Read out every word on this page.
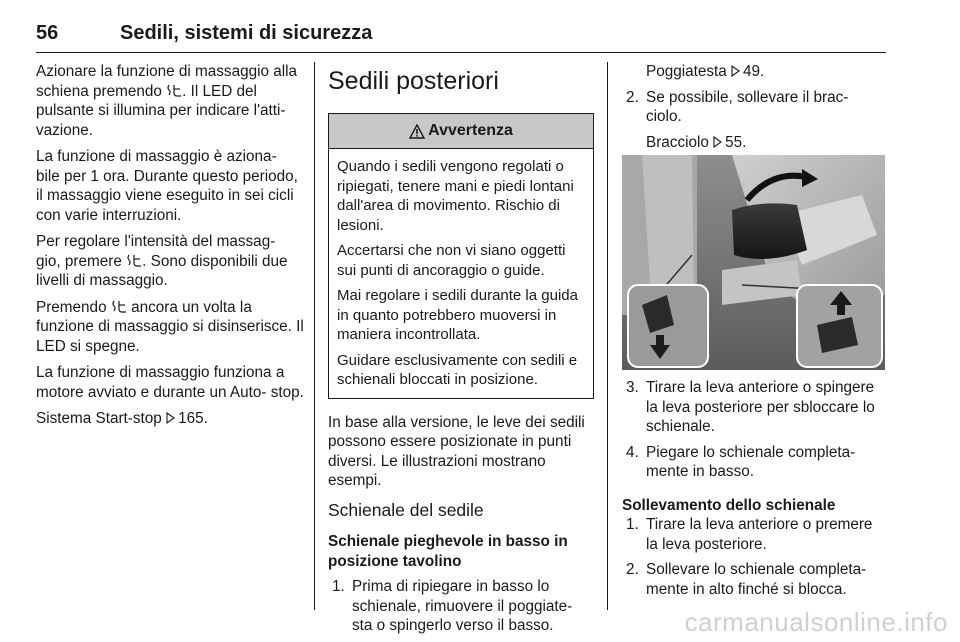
56	Sedili, sistemi di sicurezza

Azionare la funzione di massaggio alla schiena premendo . Il LED del pulsante si illumina per indicare l'atti- vazione.

La funzione di massaggio è aziona- bile per 1 ora. Durante questo periodo, il massaggio viene eseguito in sei cicli con varie interruzioni.

Per regolare l'intensità del massag- gio, premere . Sono disponibili due livelli di massaggio.

Premendo  ancora un volta la funzione di massaggio si disinserisce. Il LED si spegne.

La funzione di massaggio funziona a motore avviato e durante un Auto- stop.

Sistema Start-stop 165.

Sedili posteriori
Avvertenza

Quando i sedili vengono regolati o ripiegati, tenere mani e piedi lontani dall'area di movimento. Rischio di lesioni.

Accertarsi che non vi siano oggetti sui punti di ancoraggio o guide.

Mai regolare i sedili durante la guida in quanto potrebbero muoversi in maniera incontrollata.

Guidare esclusivamente con sedili e schienali bloccati in posizione.

In base alla versione, le leve dei sedili possono essere posizionate in punti diversi. Le illustrazioni mostrano esempi.

Schienale del sedile
Schienale pieghevole in basso in posizione tavolino
1. Prima di ripiegare in basso lo schienale, rimuovere il poggiate- sta o spingerlo verso il basso.
Poggiatesta 49.
2. Se possibile, sollevare il brac- ciolo.
Bracciolo 55.
3. Tirare la leva anteriore o spingere la leva posteriore per sbloccare lo schienale.
4. Piegare lo schienale completa- mente in basso.
Sollevamento dello schienale
1. Tirare la leva anteriore o premere la leva posteriore.
2. Sollevare lo schienale completa- mente in alto finché si blocca.
carmanualsonline.info
